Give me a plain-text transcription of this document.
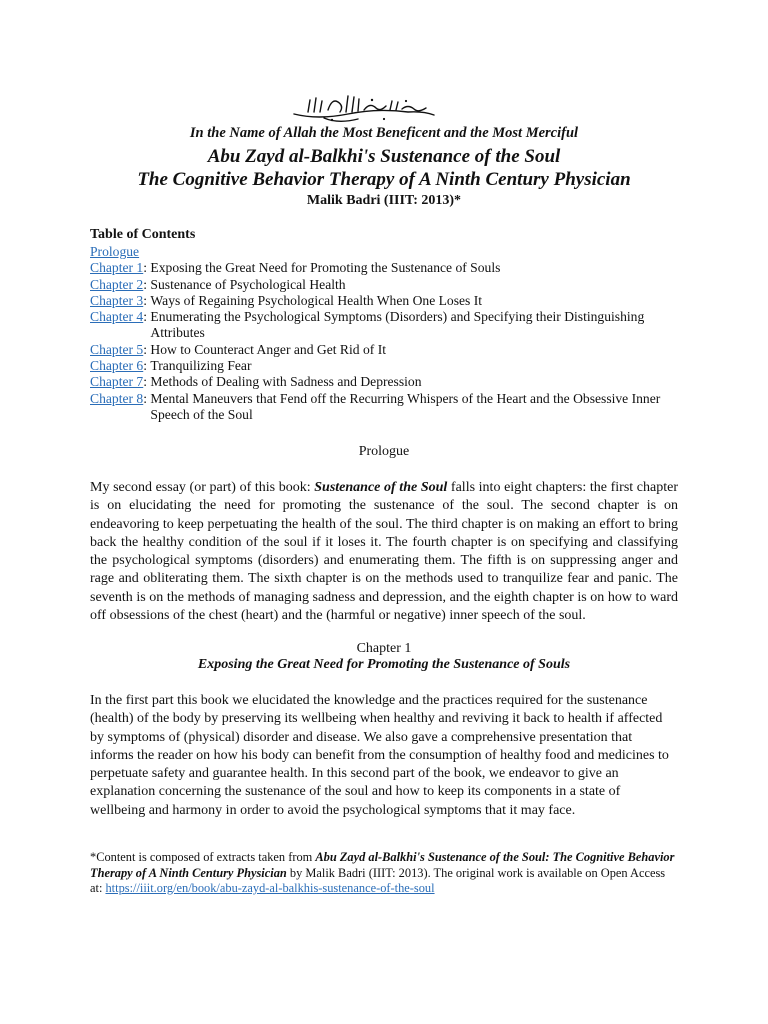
In the Name of Allah the Most Beneficent and the Most Merciful
Abu Zayd al-Balkhi's Sustenance of the Soul
The Cognitive Behavior Therapy of A Ninth Century Physician
Malik Badri (IIIT: 2013)*
Table of Contents
Prologue
Chapter 1 : Exposing the Great Need for Promoting the Sustenance of Souls
Chapter 2 : Sustenance of Psychological Health
Chapter 3 : Ways of Regaining Psychological Health When One Loses It
Chapter 4 : Enumerating the Psychological Symptoms (Disorders) and Specifying their Distinguishing Attributes
Chapter 5 : How to Counteract Anger and Get Rid of It
Chapter 6 : Tranquilizing Fear
Chapter 7 : Methods of Dealing with Sadness and Depression
Chapter 8 : Mental Maneuvers that Fend off the Recurring Whispers of the Heart and the Obsessive Inner Speech of the Soul
Prologue
My second essay (or part) of this book: Sustenance of the Soul falls into eight chapters: the first chapter is on elucidating the need for promoting the sustenance of the soul. The second chapter is on endeavoring to keep perpetuating the health of the soul. The third chapter is on making an effort to bring back the healthy condition of the soul if it loses it. The fourth chapter is on specifying and classifying the psychological symptoms (disorders) and enumerating them. The fifth is on suppressing anger and rage and obliterating them. The sixth chapter is on the methods used to tranquilize fear and panic. The seventh is on the methods of managing sadness and depression, and the eighth chapter is on how to ward off obsessions of the chest (heart) and the (harmful or negative) inner speech of the soul.
Chapter 1
Exposing the Great Need for Promoting the Sustenance of Souls
In the first part this book we elucidated the knowledge and the practices required for the sustenance (health) of the body by preserving its wellbeing when healthy and reviving it back to health if affected by symptoms of (physical) disorder and disease. We also gave a comprehensive presentation that informs the reader on how his body can benefit from the consumption of healthy food and medicines to perpetuate safety and guarantee health. In this second part of the book, we endeavor to give an explanation concerning the sustenance of the soul and how to keep its components in a state of wellbeing and harmony in order to avoid the psychological symptoms that it may face.
*Content is composed of extracts taken from Abu Zayd al-Balkhi's Sustenance of the Soul: The Cognitive Behavior Therapy of A Ninth Century Physician by Malik Badri (IIIT: 2013). The original work is available on Open Access at: https://iiit.org/en/book/abu-zayd-al-balkhis-sustenance-of-the-soul
